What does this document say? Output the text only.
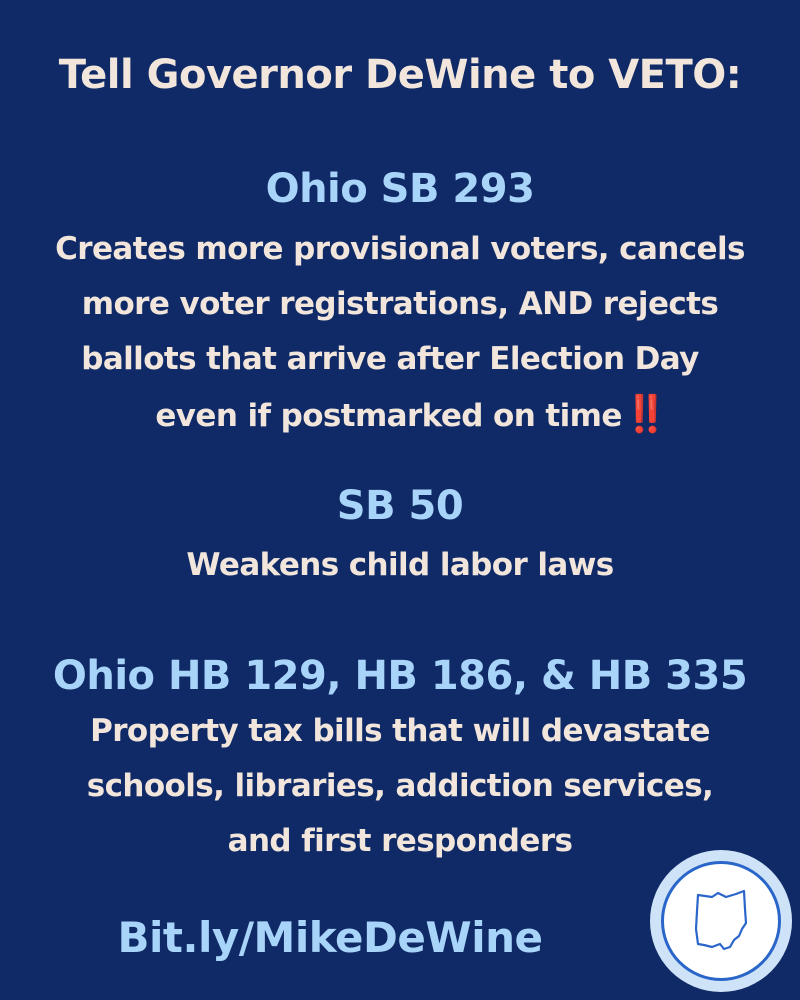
Tell Governor DeWine to VETO:
Ohio SB 293
Creates more provisional voters, cancels
more voter registrations, AND rejects
ballots that arrive after Election Day
even if postmarked on time‼️
SB 50
Weakens child labor laws
Ohio HB 129, HB 186, & HB 335
Property tax bills that will devastate
schools, libraries, addiction services,
and first responders
Bit.ly/MikeDeWine
